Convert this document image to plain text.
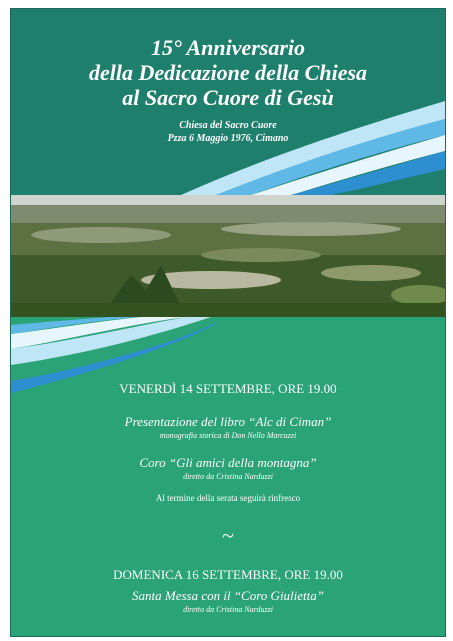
15° Anniversario
della Dedicazione della Chiesa
al Sacro Cuore di Gesù
Chiesa del Sacro Cuore
Pzza 6 Maggio 1976, Cimano
VENERDÌ 14 SETTEMBRE, ORE 19.00
Presentazione del libro “Alc di Ciman”
monografia storica di Don Nello Marcuzzi
Coro “Gli amici della montagna”
diretto da Cristina Narduzzi
Al termine della serata seguirà rinfresco
~
DOMENICA 16 SETTEMBRE, ORE 19.00
Santa Messa con il “Coro Giulietta”
diretto da Cristina Narduzzi
